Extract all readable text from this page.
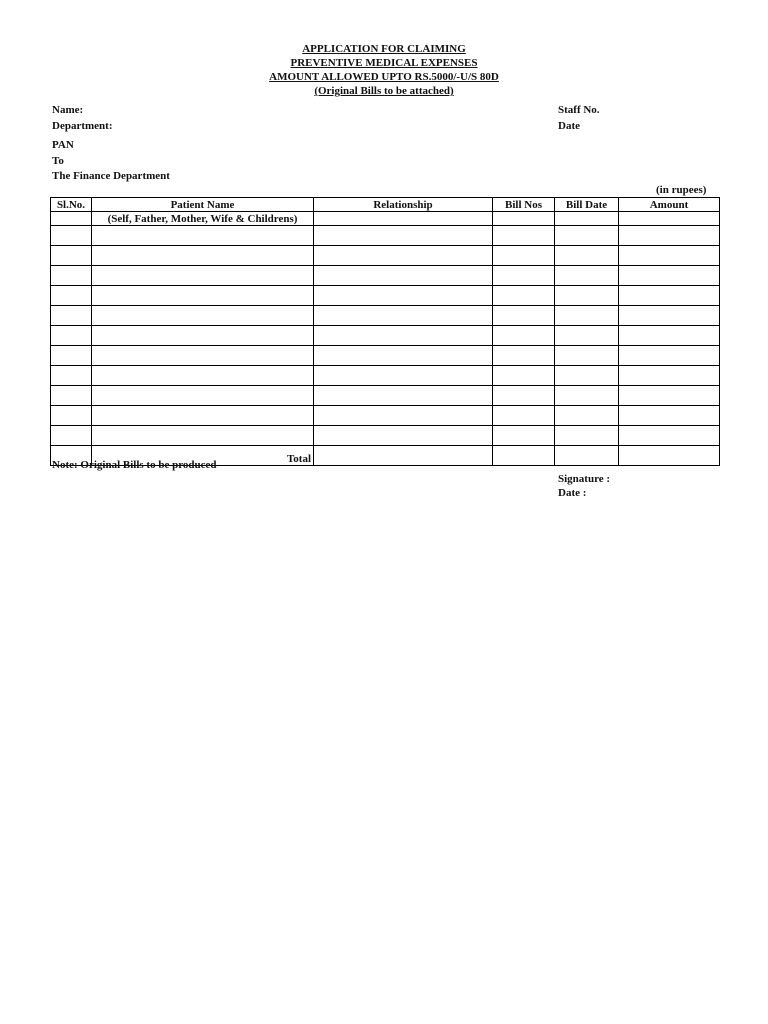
APPLICATION FOR CLAIMING
PREVENTIVE MEDICAL EXPENSES
AMOUNT ALLOWED UPTO RS.5000/-U/S 80D
(Original Bills to be attached)
Name:	Staff No.
Department:	Date
PAN
To
The Finance Department
(in rupees)
Sl.No.	Patient Name	Relationship	Bill Nos	Bill Date	Amount
	(Self, Father, Mother, Wife & Childrens)				

	Total				
Note: Original Bills to be produced
Signature :
Date :
